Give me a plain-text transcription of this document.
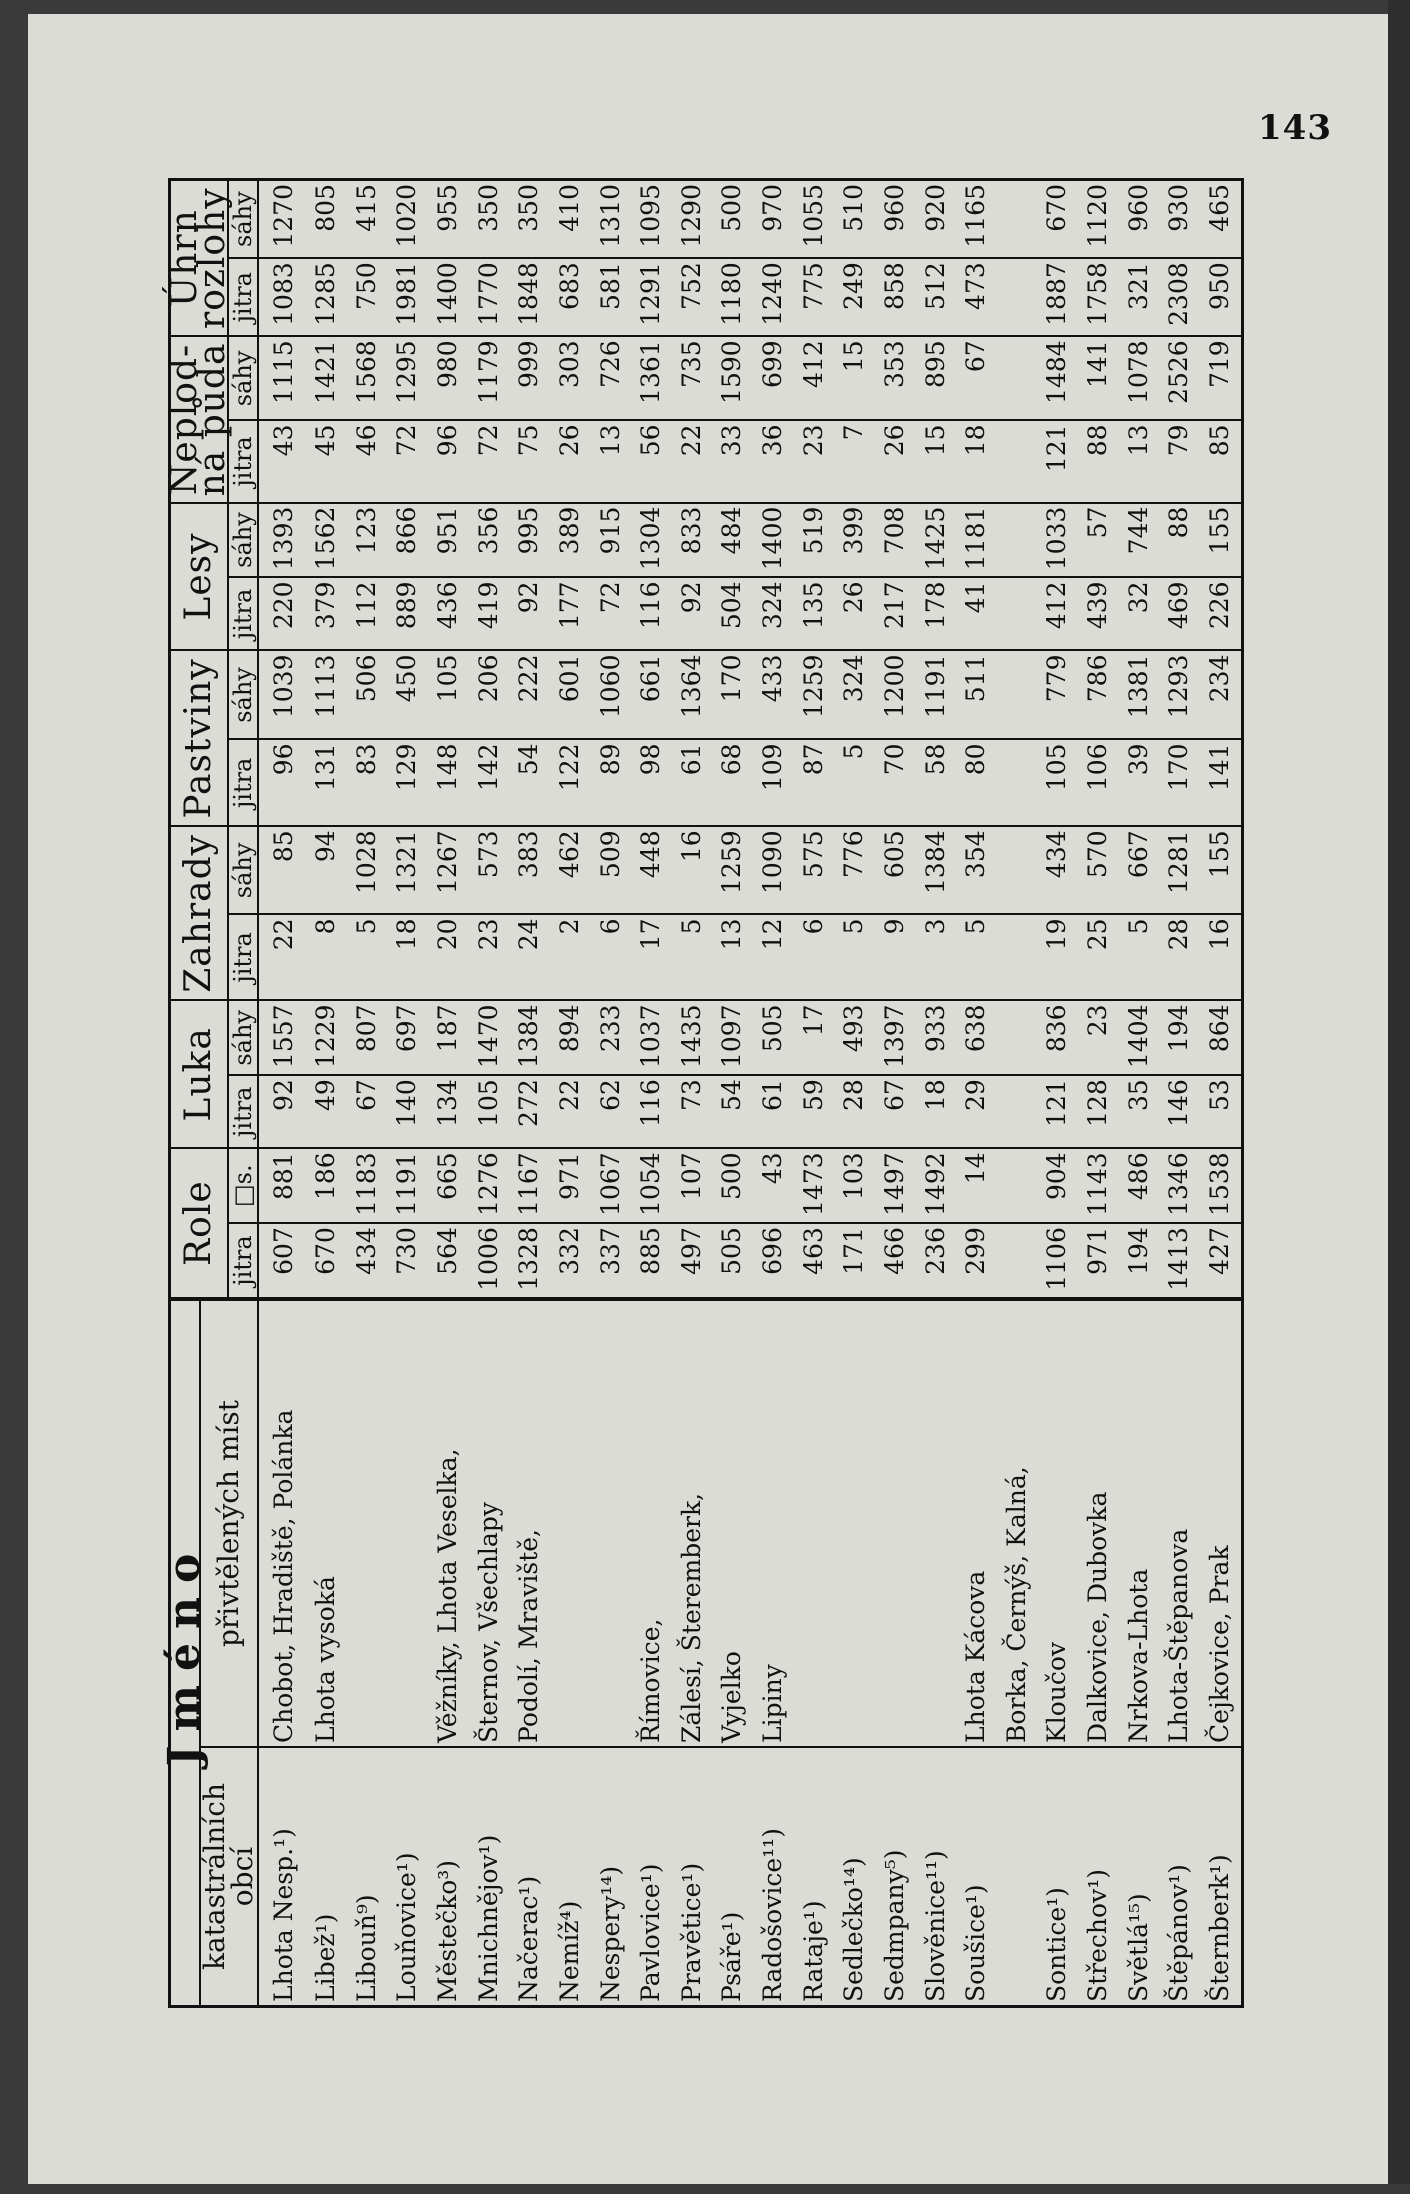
143
Jméno		Role		Luka		Zahrady		Pastviny		Lesy		Neplod-ná půda		Úhrn rozlohy	
katastrálních obcí	přivtělených míst														
		jitra	□s.	jitra	sáhy	jitra	sáhy	jitra	sáhy	jitra	sáhy	jitra	sáhy	jitra	sáhy
Lhota Nesp.¹)	Chobot, Hradiště, Polánka	607	881	92	1557	22	85	96	1039	220	1393	43	1115	1083	1270
Libež¹)	Lhota vysoká	670	186	49	1229	8	94	131	1113	379	1562	45	1421	1285	805
Libouň⁹)		434	1183	67	807	5	1028	83	506	112	123	46	1568	750	415
Louňovice¹)		730	1191	140	697	18	1321	129	450	889	866	72	1295	1981	1020
Městečko³)	Věžníky, Lhota Veselka,	564	665	134	187	20	1267	148	105	436	951	96	980	1400	955
Mnichnějov¹)	Šternov, Všechlapy	1006	1276	105	1470	23	573	142	206	419	356	72	1179	1770	350
Načerac¹)	Podolí, Mraviště,	1328	1167	272	1384	24	383	54	222	92	995	75	999	1848	350
Nemíž⁴)		332	971	22	894	2	462	122	601	177	389	26	303	683	410
Nespery¹⁴)		337	1067	62	233	6	509	89	1060	72	915	13	726	581	1310
Pavlovice¹)	Římovice,	885	1054	116	1037	17	448	98	661	116	1304	56	1361	1291	1095
Pravětice¹)	Zálesí, Šteremberk,	497	107	73	1435	5	16	61	1364	92	833	22	735	752	1290
Psáře¹)	Vyjelko	505	500	54	1097	13	1259	68	170	504	484	33	1590	1180	500
Radošovice¹¹)	Lipiny	696	43	61	505	12	1090	109	433	324	1400	36	699	1240	970
Rataje¹)		463	1473	59	17	6	575	87	1259	135	519	23	412	775	1055
Sedlečko¹⁴)		171	103	28	493	5	776	5	324	26	399	7	15	249	510
Sedmpany⁵)		466	1497	67	1397	9	605	70	1200	217	708	26	353	858	960
Slověnice¹¹)		236	1492	18	933	3	1384	58	1191	178	1425	15	895	512	920
Soušice¹)	Lhota Kácova	299	14	29	638	5	354	80	511	41	1181	18	67	473	1165
	Borka, Černýš, Kalná,														
Sontice¹)	Kloučov	1106	904	121	836	19	434	105	779	412	1033	121	1484	1887	670
Střechov¹)	Dalkovice, Dubovka	971	1143	128	23	25	570	106	786	439	57	88	141	1758	1120
Světlá¹⁵)	Nrkova-Lhota	194	486	35	1404	5	667	39	1381	32	744	13	1078	321	960
Štěpánov¹)	Lhota-Štěpanova	1413	1346	146	194	28	1281	170	1293	469	88	79	2526	2308	930
Šternberk¹)	Čejkovice, Prak	427	1538	53	864	16	155	141	234	226	155	85	719	950	465
